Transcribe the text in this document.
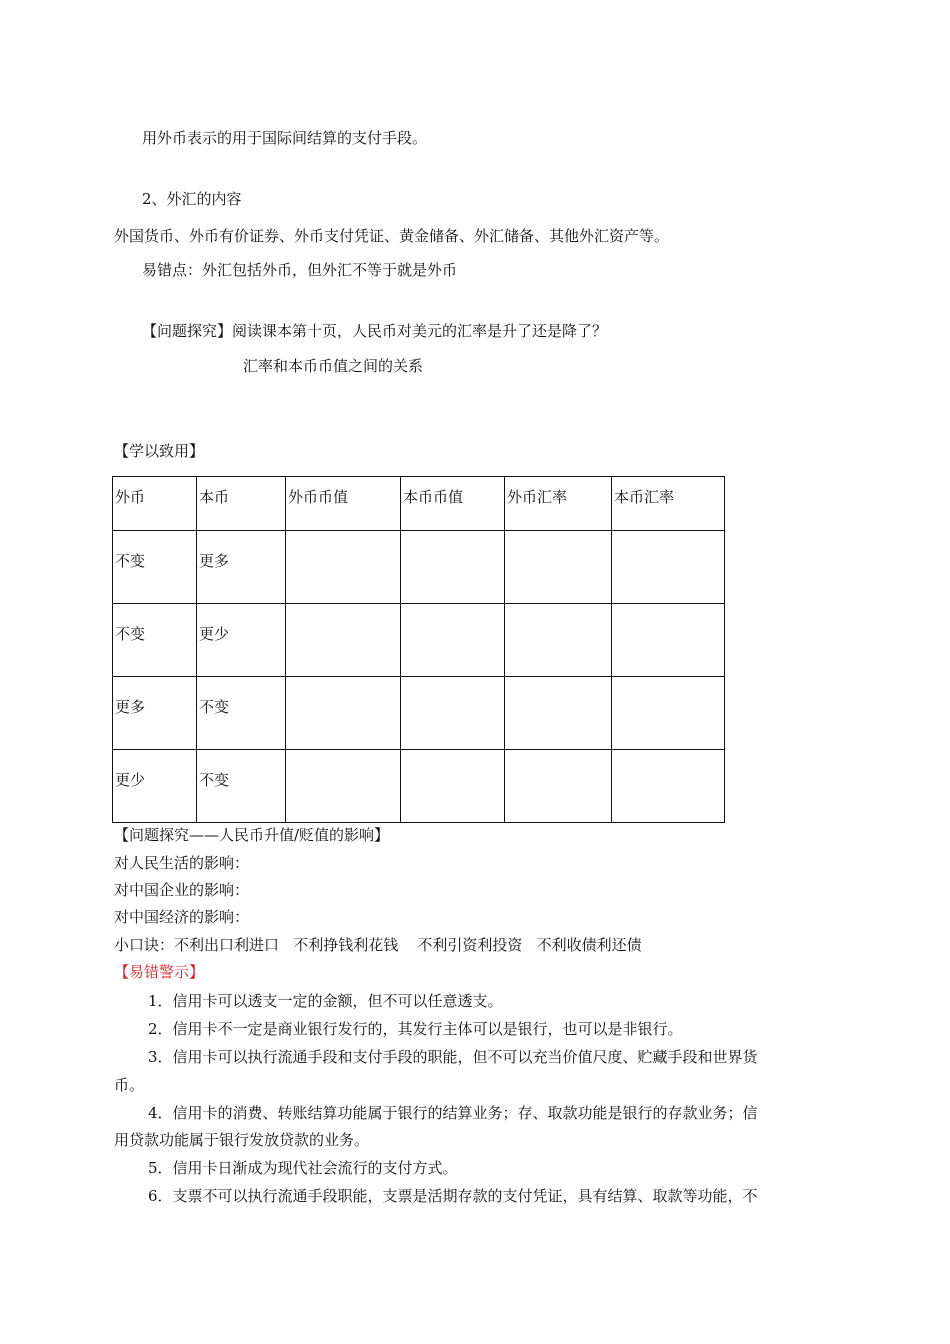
用外币表示的用于国际间结算的支付手段。
2、外汇的内容
外国货币、外币有价证券、外币支付凭证、黄金储备、外汇储备、其他外汇资产等。
易错点：外汇包括外币，但外汇不等于就是外币
【问题探究】阅读课本第十页，人民币对美元的汇率是升了还是降了？
汇率和本币币值之间的关系
【学以致用】
外币	本币	外币币值	本币币值	外币汇率	本币汇率
不变	更多				
不变	更少				
更多	不变				
更少	不变				
【问题探究——人民币升值/贬值的影响】
对人民生活的影响：
对中国企业的影响：
对中国经济的影响：
小口诀：不利出口利进口   不利挣钱利花钱    不利引资利投资   不利收债利还债
【易错警示】
1．信用卡可以透支一定的金额，但不可以任意透支。
2．信用卡不一定是商业银行发行的，其发行主体可以是银行，也可以是非银行。
3．信用卡可以执行流通手段和支付手段的职能，但不可以充当价值尺度、贮藏手段和世界货
币。
4．信用卡的消费、转账结算功能属于银行的结算业务；存、取款功能是银行的存款业务；信
用贷款功能属于银行发放贷款的业务。
5．信用卡日渐成为现代社会流行的支付方式。
6．支票不可以执行流通手段职能，支票是活期存款的支付凭证，具有结算、取款等功能，不
